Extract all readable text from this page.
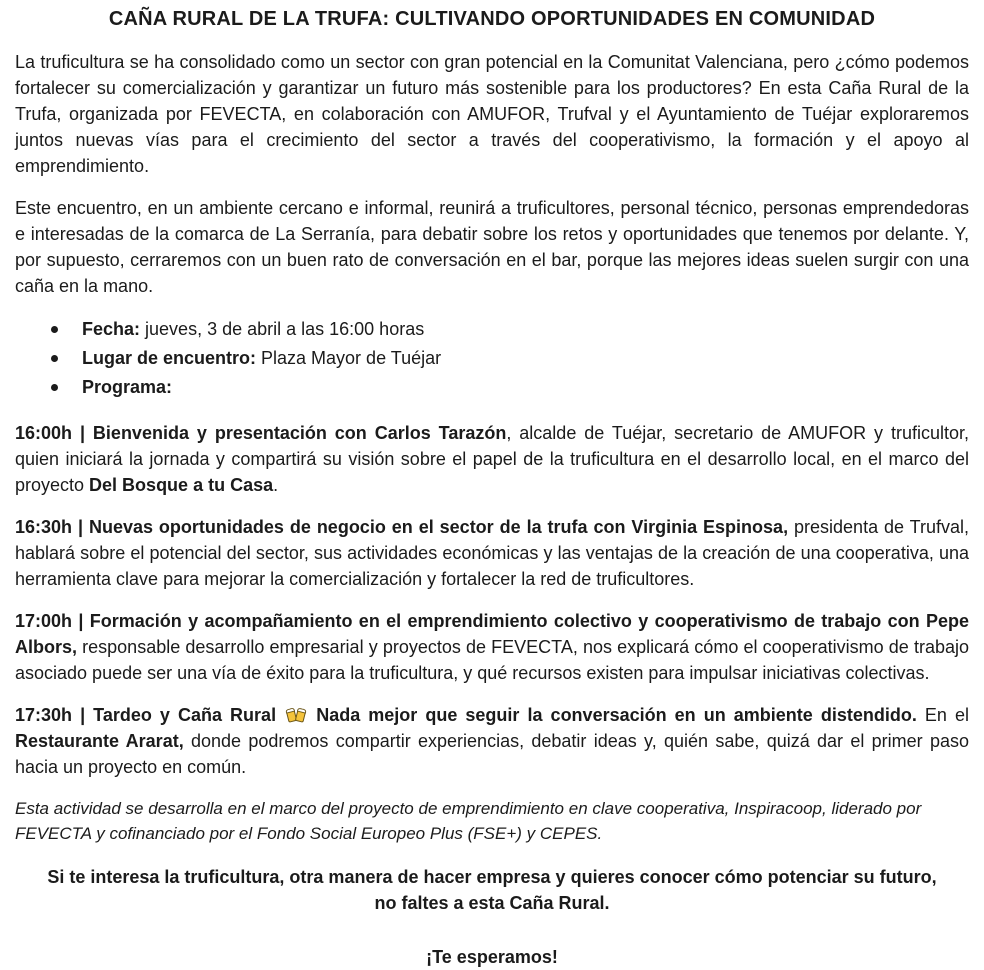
CAÑA RURAL DE LA TRUFA: CULTIVANDO OPORTUNIDADES EN COMUNIDAD

La truficultura se ha consolidado como un sector con gran potencial en la Comunitat Valenciana, pero ¿cómo podemos fortalecer su comercialización y garantizar un futuro más sostenible para los productores? En esta Caña Rural de la Trufa, organizada por FEVECTA, en colaboración con AMUFOR, Trufval y el Ayuntamiento de Tuéjar exploraremos juntos nuevas vías para el crecimiento del sector a través del cooperativismo, la formación y el apoyo al emprendimiento.

Este encuentro, en un ambiente cercano e informal, reunirá a truficultores, personal técnico, personas emprendedoras e interesadas de la comarca de La Serranía, para debatir sobre los retos y oportunidades que tenemos por delante. Y, por supuesto, cerraremos con un buen rato de conversación en el bar, porque las mejores ideas suelen surgir con una caña en la mano.

Fecha: jueves, 3 de abril a las 16:00 horas
Lugar de encuentro: Plaza Mayor de Tuéjar
Programa:

16:00h | Bienvenida y presentación con Carlos Tarazón, alcalde de Tuéjar, secretario de AMUFOR y truficultor, quien iniciará la jornada y compartirá su visión sobre el papel de la truficultura en el desarrollo local, en el marco del proyecto Del Bosque a tu Casa.

16:30h | Nuevas oportunidades de negocio en el sector de la trufa con Virginia Espinosa, presidenta de Trufval, hablará sobre el potencial del sector, sus actividades económicas y las ventajas de la creación de una cooperativa, una herramienta clave para mejorar la comercialización y fortalecer la red de truficultores.

17:00h | Formación y acompañamiento en el emprendimiento colectivo y cooperativismo de trabajo con Pepe Albors, responsable desarrollo empresarial y proyectos de FEVECTA, nos explicará cómo el cooperativismo de trabajo asociado puede ser una vía de éxito para la truficultura, y qué recursos existen para impulsar iniciativas colectivas.

17:30h | Tardeo y Caña Rural  Nada mejor que seguir la conversación en un ambiente distendido. En el Restaurante Ararat, donde podremos compartir experiencias, debatir ideas y, quién sabe, quizá dar el primer paso hacia un proyecto en común.

Esta actividad se desarrolla en el marco del proyecto de emprendimiento en clave cooperativa, Inspiracoop, liderado por FEVECTA y cofinanciado por el Fondo Social Europeo Plus (FSE+) y CEPES.

Si te interesa la truficultura, otra manera de hacer empresa y quieres conocer cómo potenciar su futuro,

no faltes a esta Caña Rural.

¡Te esperamos!
